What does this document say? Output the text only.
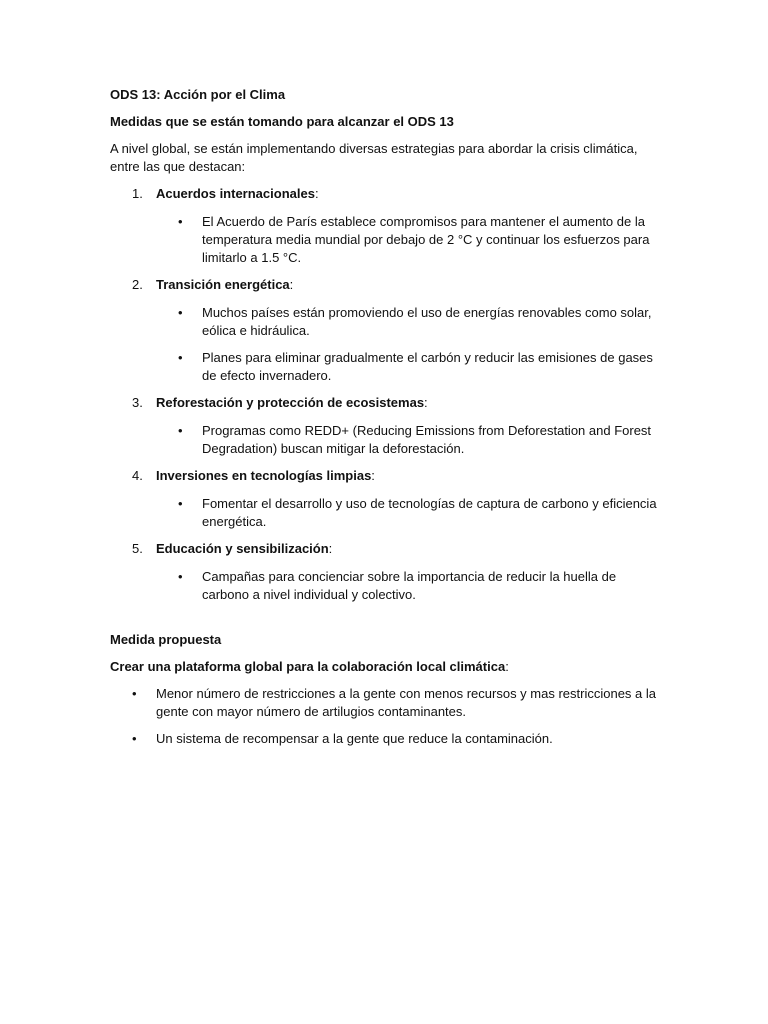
ODS 13: Acción por el Clima

Medidas que se están tomando para alcanzar el ODS 13

A nivel global, se están implementando diversas estrategias para abordar la crisis climática, entre las que destacan:

1. Acuerdos internacionales:
• El Acuerdo de París establece compromisos para mantener el aumento de la temperatura media mundial por debajo de 2 °C y continuar los esfuerzos para limitarlo a 1.5 °C.
2. Transición energética:
• Muchos países están promoviendo el uso de energías renovables como solar, eólica e hidráulica.
• Planes para eliminar gradualmente el carbón y reducir las emisiones de gases de efecto invernadero.
3. Reforestación y protección de ecosistemas:
• Programas como REDD+ (Reducing Emissions from Deforestation and Forest Degradation) buscan mitigar la deforestación.
4. Inversiones en tecnologías limpias:
• Fomentar el desarrollo y uso de tecnologías de captura de carbono y eficiencia energética.
5. Educación y sensibilización:
• Campañas para concienciar sobre la importancia de reducir la huella de carbono a nivel individual y colectivo.

Medida propuesta

Crear una plataforma global para la colaboración local climática:

• Menor número de restricciones a la gente con menos recursos y mas restricciones a la gente con mayor número de artilugios contaminantes.
• Un sistema de recompensar a la gente que reduce la contaminación.
